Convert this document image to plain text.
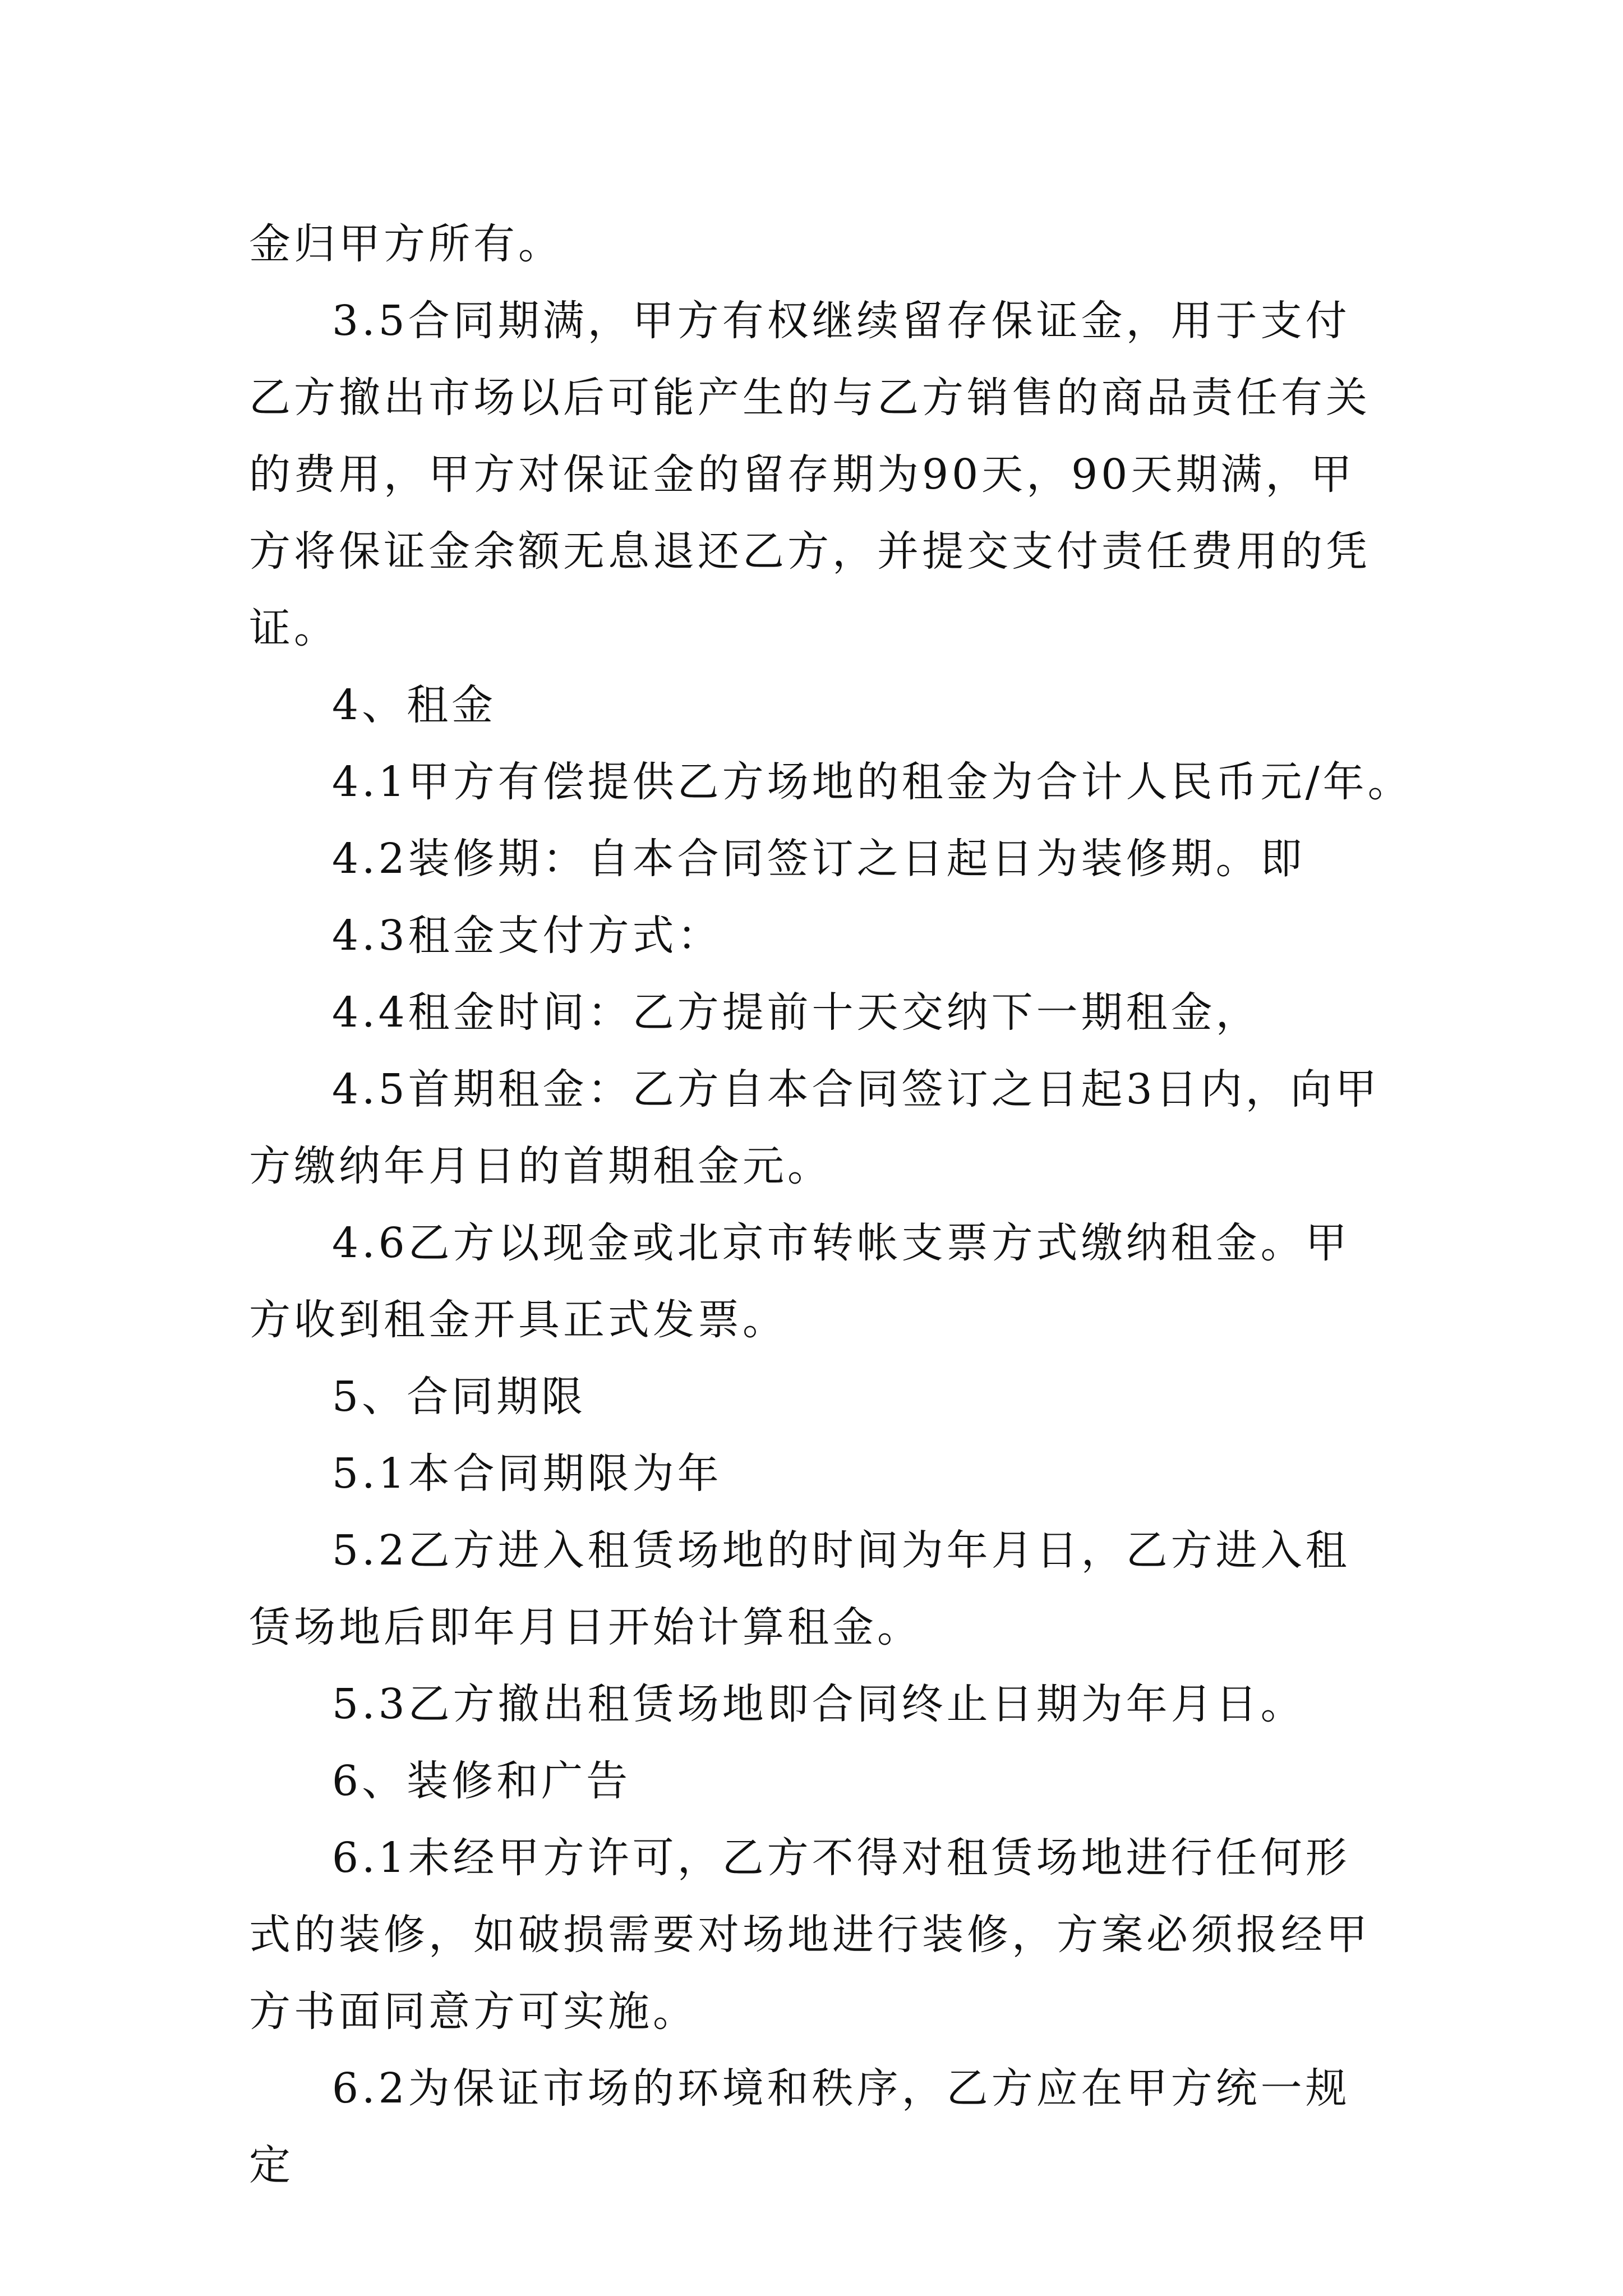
金归甲方所有。

3.5合同期满，甲方有权继续留存保证金，用于支付乙方撤出市场以后可能产生的与乙方销售的商品责任有关的费用，甲方对保证金的留存期为90天，90天期满，甲方将保证金余额无息退还乙方，并提交支付责任费用的凭证。

4、租金

4.1甲方有偿提供乙方场地的租金为合计人民币元/年。

4.2装修期：自本合同签订之日起日为装修期。即

4.3租金支付方式：

4.4租金时间：乙方提前十天交纳下一期租金，

4.5首期租金：乙方自本合同签订之日起3日内，向甲方缴纳年月日的首期租金元。

4.6乙方以现金或北京市转帐支票方式缴纳租金。甲方收到租金开具正式发票。

5、合同期限

5.1本合同期限为年

5.2乙方进入租赁场地的时间为年月日，乙方进入租赁场地后即年月日开始计算租金。

5.3乙方撤出租赁场地即合同终止日期为年月日。

6、装修和广告

6.1未经甲方许可，乙方不得对租赁场地进行任何形式的装修，如破损需要对场地进行装修，方案必须报经甲方书面同意方可实施。

6.2为保证市场的环境和秩序，乙方应在甲方统一规定
